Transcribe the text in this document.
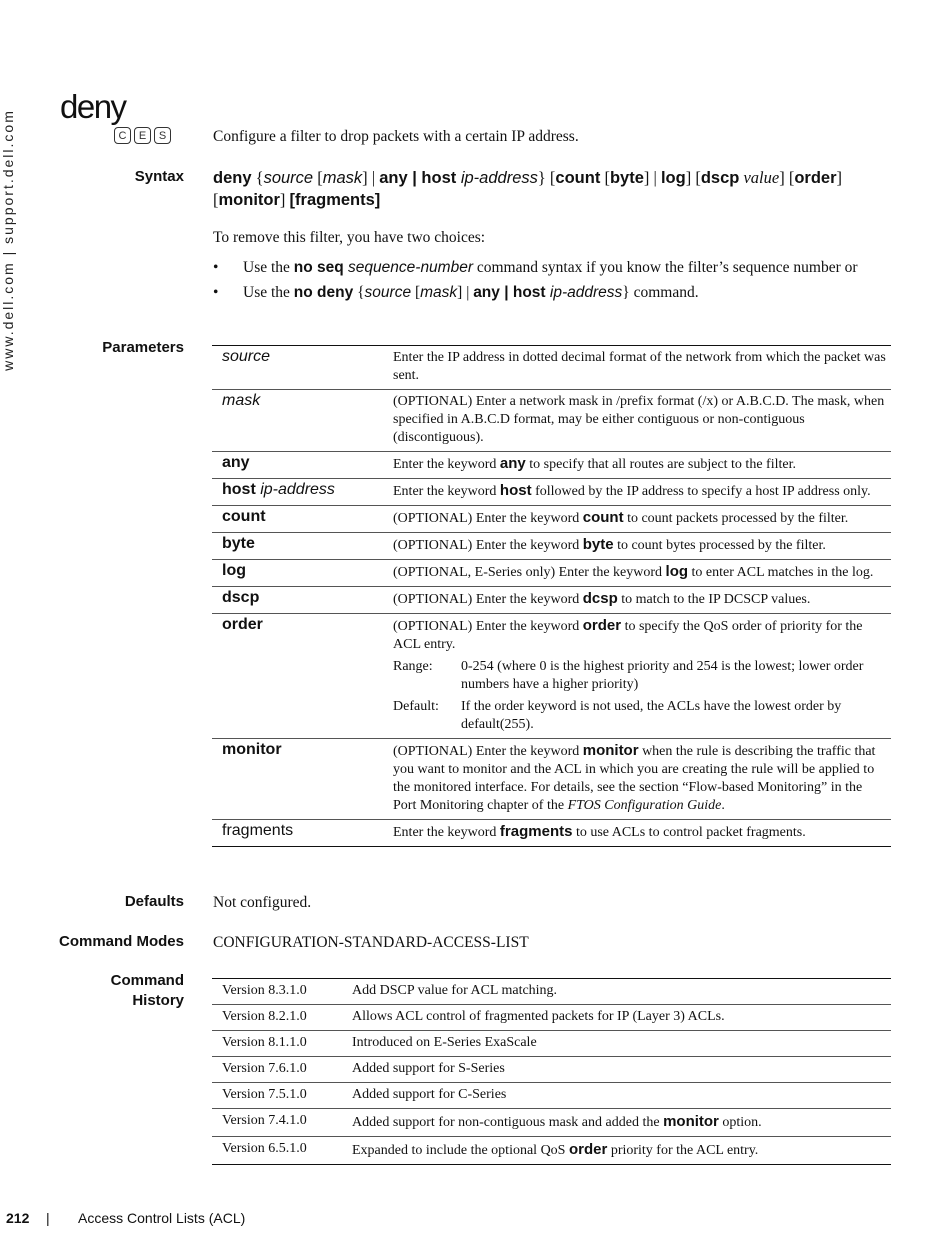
www.dell.com | support.dell.com
deny
C	E	S	Configure a filter to drop packets with a certain IP address.
Syntax deny {source [mask] | any | host ip-address} [count [byte] | log] [dscp value] [order]
[monitor] [fragments]
To remove this filter, you have two choices:
• Use the no seq sequence-number command syntax if you know the filter’s sequence number or
• Use the no deny {source [mask] | any | host ip-address} command.
Parameters
source	Enter the IP address in dotted decimal format of the network from which the packet was sent.
mask	(OPTIONAL) Enter a network mask in /prefix format (/x) or A.B.C.D. The mask, when specified in A.B.C.D format, may be either contiguous or non-contiguous (discontiguous).
any	Enter the keyword any to specify that all routes are subject to the filter.
host ip-address	Enter the keyword host followed by the IP address to specify a host IP address only.
count	(OPTIONAL) Enter the keyword count to count packets processed by the filter.
byte	(OPTIONAL) Enter the keyword byte to count bytes processed by the filter.
log	(OPTIONAL, E-Series only) Enter the keyword log to enter ACL matches in the log.
dscp	(OPTIONAL) Enter the keyword dcsp to match to the IP DCSCP values.
order	(OPTIONAL) Enter the keyword order to specify the QoS order of priority for the ACL entry.
Range: 0-254 (where 0 is the highest priority and 254 is the lowest; lower order numbers have a higher priority)
Default: If the order keyword is not used, the ACLs have the lowest order by default(255).

monitor	(OPTIONAL) Enter the keyword monitor when the rule is describing the traffic that you want to monitor and the ACL in which you are creating the rule will be applied to the monitored interface. For details, see the section “Flow-based Monitoring” in the Port Monitoring chapter of the FTOS Configuration Guide.
fragments	Enter the keyword fragments to use ACLs to control packet fragments.
Defaults Not configured.
Command Modes CONFIGURATION-STANDARD-ACCESS-LIST
Command
History
Version 8.3.1.0	Add DSCP value for ACL matching.
Version 8.2.1.0	Allows ACL control of fragmented packets for IP (Layer 3) ACLs.
Version 8.1.1.0	Introduced on E-Series ExaScale
Version 7.6.1.0	Added support for S-Series
Version 7.5.1.0	Added support for C-Series
Version 7.4.1.0	Added support for non-contiguous mask and added the monitor option.
Version 6.5.1.0	Expanded to include the optional QoS order priority for the ACL entry.
212	|	Access Control Lists (ACL)
